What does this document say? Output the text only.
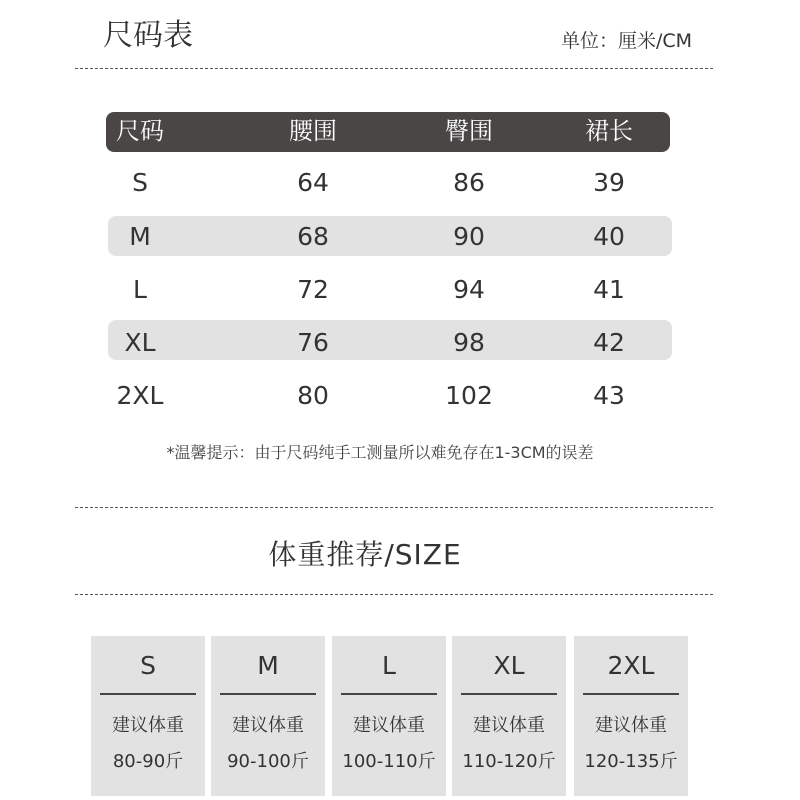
尺码表	单位：厘米/CM
尺码	腰围	臀围	裙长
S	64	86	39
M	68	90	40
L	72	94	41
XL	76	98	42
2XL	80	102	43
*温馨提示：由于尺码纯手工测量所以难免存在1-3CM的误差
体重推荐/SIZE
S
建议体重
80-90斤
M
建议体重
90-100斤
L
建议体重
100-110斤
XL
建议体重
110-120斤
2XL
建议体重
120-135斤
